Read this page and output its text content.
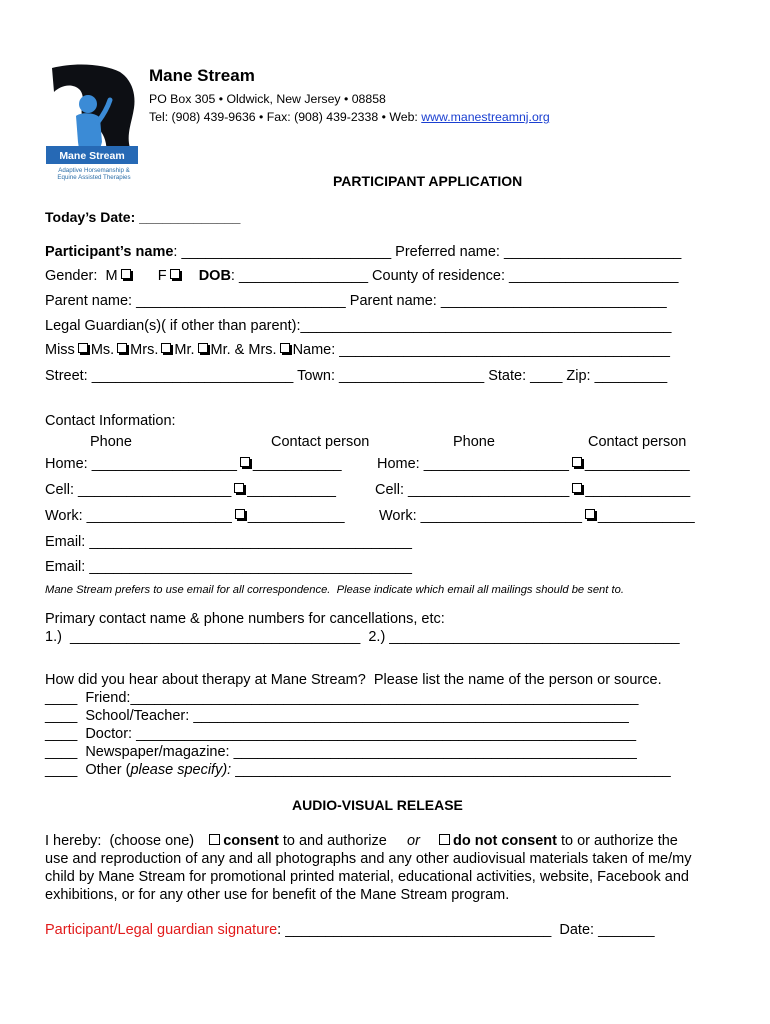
Mane Stream
Adaptive Horsemanship &
Equine Assisted Therapies
Mane Stream
PO Box 305 • Oldwick, New Jersey • 08858
Tel: (908) 439-9636 • Fax: (908) 439-2338 • Web: www.manestreamnj.org
PARTICIPANT APPLICATION
Today’s Date: _____________
Participant’s name: __________________________ Preferred name: ______________________
Gender:  M	F DOB: ________________ County of residence: _____________________
Parent name: __________________________ Parent name: ____________________________
Legal Guardian(s)( if other than parent):______________________________________________
Miss Ms. Mrs. Mr. Mr. & Mrs. Name: _________________________________________
Street: _________________________ Town: __________________ State: ____ Zip: _________
Contact Information:
Phone	Contact person	Phone	Contact person
Home: __________________ ___________ Home: __________________ _____________
Cell: ___________________ ___________	Cell: ____________________ _____________
Work: __________________ ____________ Work: ____________________ ____________
Email: ________________________________________
Email: ________________________________________
Mane Stream prefers to use email for all correspondence.  Please indicate which email all mailings should be sent to.
Primary contact name & phone numbers for cancellations, etc:
1.)  ____________________________________  2.) ____________________________________
How did you hear about therapy at Mane Stream?  Please list the name of the person or source.
____  Friend:_______________________________________________________________
____  School/Teacher: ______________________________________________________
____  Doctor: ______________________________________________________________
____  Newspaper/magazine: __________________________________________________
____  Other (please specify): ______________________________________________________
AUDIO-VISUAL RELEASE
I hereby:  (choose one) consent to and authorize or do not consent to or authorize the
use and reproduction of any and all photographs and any other audiovisual materials taken of me/my
child by Mane Stream for promotional printed material, educational activities, website, Facebook and
exhibitions, or for any other use for benefit of the Mane Stream program.
Participant/Legal guardian signature: _________________________________  Date: _______
